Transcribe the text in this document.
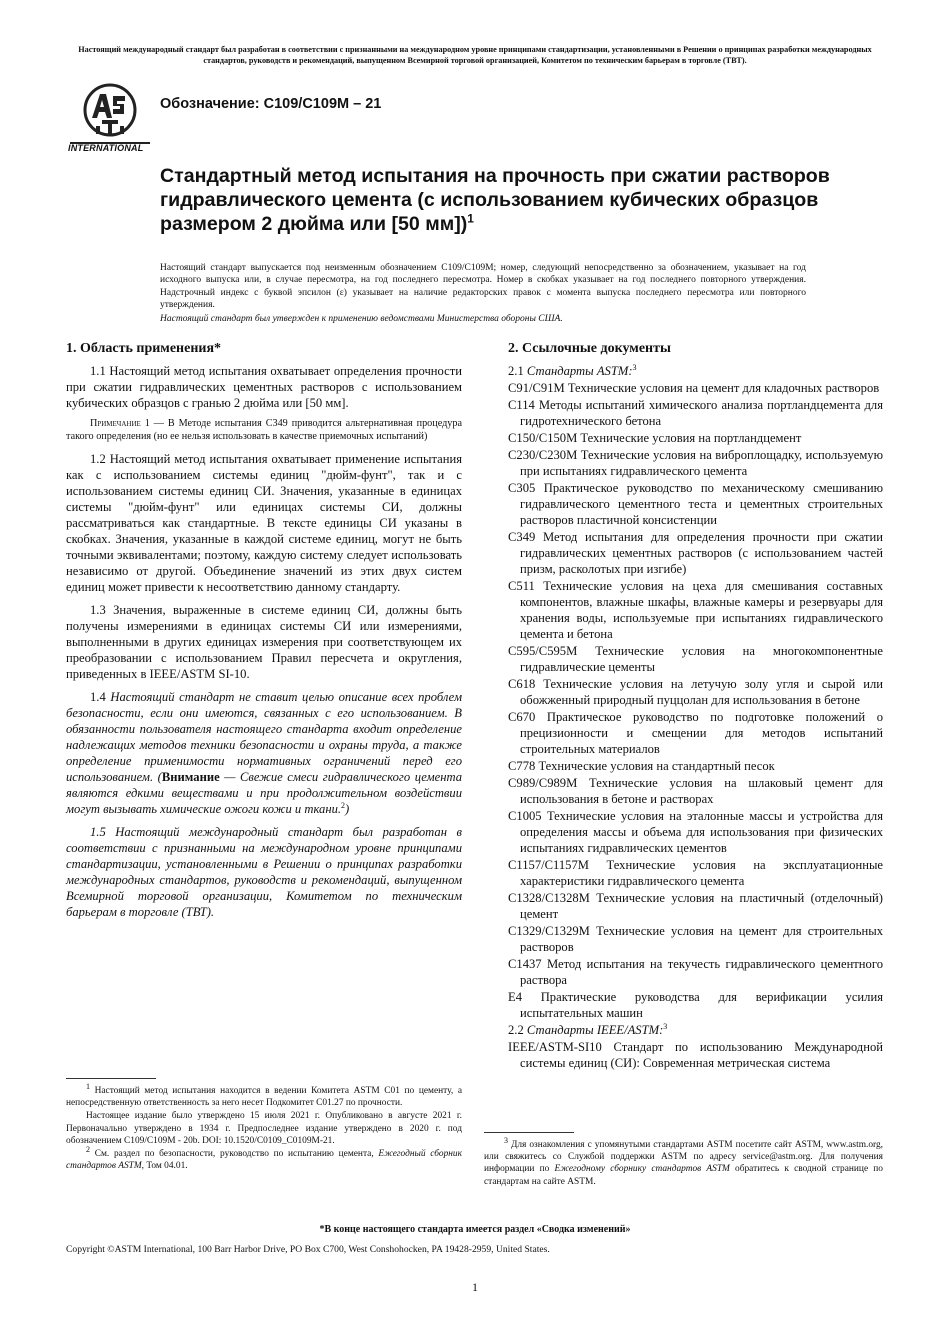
Настоящий международный стандарт был разработан в соответствии с признанными на международном уровне принципами стандартизации, установленными в Решении о принципах разработки международных стандартов, руководств и рекомендаций, выпущенном Всемирной торговой организацией, Комитетом по техническим барьерам в торговле (ТВТ).
INTERNATIONAL
Обозначение: C109/C109M – 21
Стандартный метод испытания на прочность при сжатии растворов гидравлического цемента (с использованием кубических образцов размером 2 дюйма или [50 мм])$^1$

Настоящий стандарт выпускается под неизменным обозначением C109/C109M; номер, следующий непосредственно за обозначением, указывает на год исходного выпуска или, в случае пересмотра, на год последнего пересмотра. Номер в скобках указывает на год последнего повторного утверждения. Надстрочный индекс с буквой эпсилон (ε) указывает на наличие редакторских правок с момента выпуска последнего пересмотра или повторного утверждения.

Настоящий стандарт был утвержден к применению ведомствами Министерства обороны США.

1. Область применения*

1.1 Настоящий метод испытания охватывает определения прочности при сжатии гидравлических цементных растворов с использованием кубических образцов с гранью 2 дюйма или [50 мм].

Примечание 1 — В Методе испытания C349 приводится альтернативная процедура такого определения (но ее нельзя использовать в качестве приемочных испытаний)

1.2 Настоящий метод испытания охватывает применение испытания как с использованием системы единиц "дюйм-фунт", так и с использованием системы единиц СИ. Значения, указанные в единицах системы "дюйм-фунт" или единицах системы СИ, должны рассматриваться как стандартные. В тексте единицы СИ указаны в скобках. Значения, указанные в каждой системе единиц, могут не быть точными эквивалентами; поэтому, каждую систему следует использовать независимо от другой. Объединение значений из этих двух систем единиц может привести к несоответствию данному стандарту.

1.3 Значения, выраженные в системе единиц СИ, должны быть получены измерениями в единицах системы СИ или измерениями, выполненными в других единицах измерения при соответствующем их преобразовании с использованием Правил пересчета и округления, приведенных в IEEE/ASTM SI-10.

1.4 Настоящий стандарт не ставит целью описание всех проблем безопасности, если они имеются, связанных с его использованием. В обязанности пользователя настоящего стандарта входит определение надлежащих методов техники безопасности и охраны труда, а также определение применимости нормативных ограничений перед его использованием. (Внимание — Свежие смеси гидравлического цемента являются едкими веществами и при продолжительном воздействии могут вызывать химические ожоги кожи и ткани.$^2$)

1.5 Настоящий международный стандарт был разработан в соответствии с признанными на международном уровне принципами стандартизации, установленными в Решении о принципах разработки международных стандартов, руководств и рекомендаций, выпущенном Всемирной торговой организации, Комитетом по техническим барьерам в торговле (ТВТ).

$^1$ Настоящий метод испытания находится в ведении Комитета ASTM C01 по цементу, а непосредственную ответственность за него несет Подкомитет C01.27 по прочности.

Настоящее издание было утверждено 15 июля 2021 г. Опубликовано в августе 2021 г. Первоначально утверждено в 1934 г. Предпоследнее издание утверждено в 2020 г. под обозначением C109/C109M - 20b. DOI: 10.1520/C0109_C0109M-21.

$^2$ См. раздел по безопасности, руководство по испытанию цемента, Ежегодный сборник стандартов ASTM, Том 04.01.

2. Ссылочные документы
2.1 Стандарты ASTM:$^3$
C91/C91M Технические условия на цемент для кладочных растворов
C114 Методы испытаний химического анализа портландцемента для гидротехнического бетона
C150/C150M Технические условия на портландцемент
C230/C230M Технические условия на виброплощадку, используемую при испытаниях гидравлического цемента
C305 Практическое руководство по механическому смешиванию гидравлического цементного теста и цементных строительных растворов пластичной консистенции
C349 Метод испытания для определения прочности при сжатии гидравлических цементных растворов (с использованием частей призм, расколотых при изгибе)
C511 Технические условия на цеха для смешивания составных компонентов, влажные шкафы, влажные камеры и резервуары для хранения воды, используемые при испытаниях гидравлического цемента и бетона
C595/C595M Технические условия на многокомпонентные гидравлические цементы
C618 Технические условия на летучую золу угля и сырой или обожженный природный пуццолан для использования в бетоне
C670 Практическое руководство по подготовке положений о прецизионности и смещении для методов испытаний строительных материалов
C778 Технические условия на стандартный песок
C989/C989M Технические условия на шлаковый цемент для использования в бетоне и растворах
C1005 Технические условия на эталонные массы и устройства для определения массы и объема для использования при физических испытаниях гидравлических цементов
C1157/C1157M Технические условия на эксплуатационные характеристики гидравлического цемента
C1328/C1328M Технические условия на пластичный (отделочный) цемент
C1329/C1329M Технические условия на цемент для строительных растворов
C1437 Метод испытания на текучесть гидравлического цементного раствора
E4 Практические руководства для верификации усилия испытательных машин
2.2 Стандарты IEEE/ASTM:$^3$
IEEE/ASTM-SI10 Стандарт по использованию Международной системы единиц (СИ): Современная метрическая система

$^3$ Для ознакомления с упомянутыми стандартами ASTM посетите сайт ASTM, www.astm.org, или свяжитесь со Службой поддержки ASTM по адресу service@astm.org. Для получения информации по Ежегодному сборнику стандартов ASTM обратитесь к сводной странице по стандартам на сайте ASTM.

*В конце настоящего стандарта имеется раздел «Сводка изменений»
Copyright ©ASTM International, 100 Barr Harbor Drive, PO Box C700, West Conshohocken, PA 19428-2959, United States.
1
